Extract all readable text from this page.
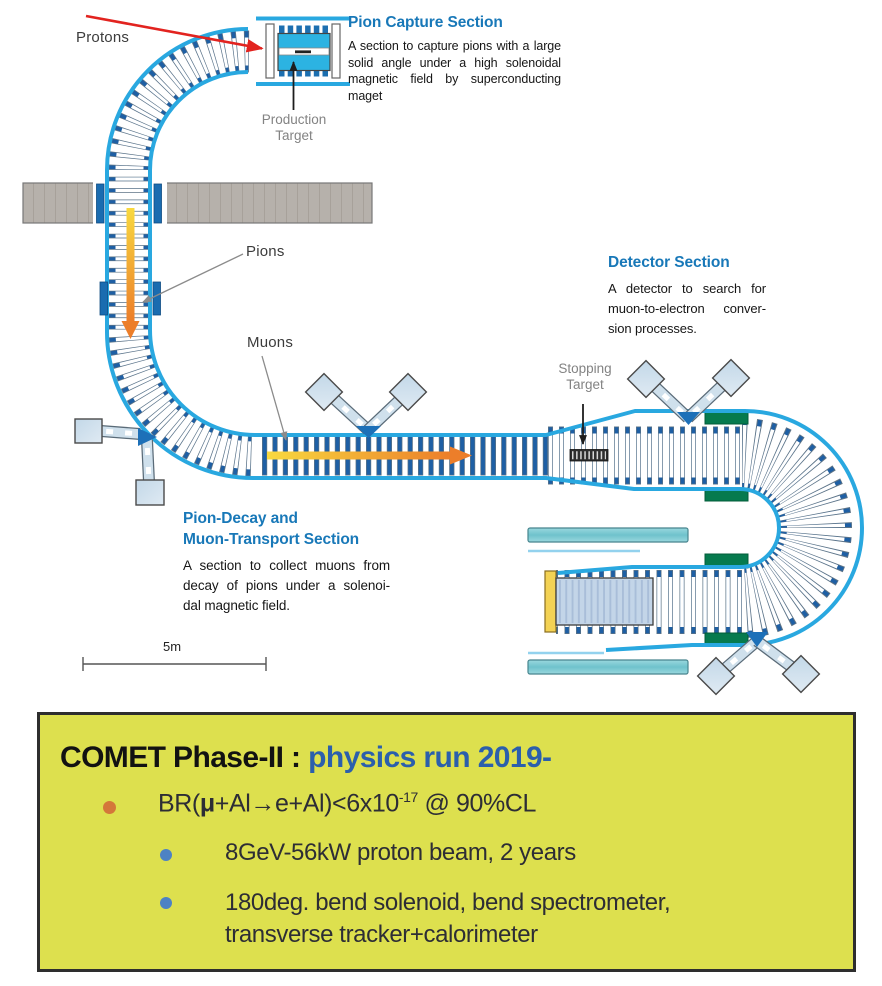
Protons
Pions
Muons
Production
Target
Stopping
Target
5m
Pion Capture Section
A section to capture pions with a large
solid angle under a high solenoidal
magnetic field by superconducting
maget
Detector Section
A detector to search for
muon-to-electron conver-
sion processes.
Pion-Decay and
Muon-Transport Section
A section to collect muons from
decay of pions under a solenoi-
dal magnetic field.
COMET Phase-II : physics run 2019-
$BR(\mu+Al\to e+Al)<6x10^{-17}$ @ 90%CL
8GeV-56kW proton beam, 2 years
180deg. bend solenoid, bend spectrometer,
transverse tracker+calorimeter
